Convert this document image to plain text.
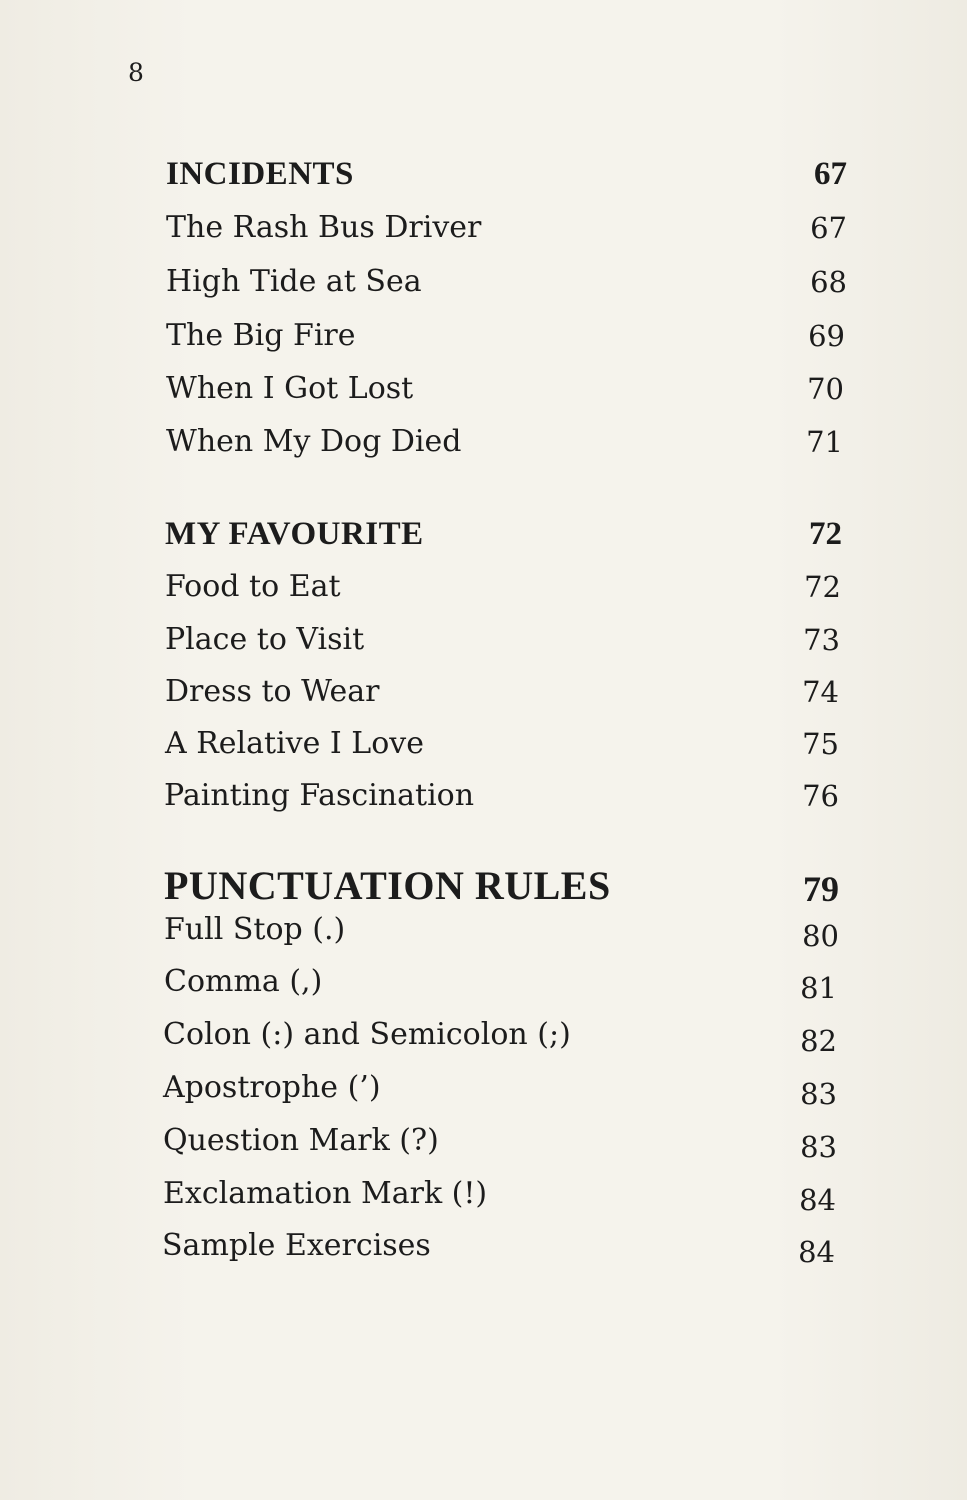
8
INCIDENTS	67
The Rash Bus Driver	67
High Tide at Sea	68
The Big Fire	69
When I Got Lost	70
When My Dog Died	71
MY FAVOURITE	72
Food to Eat	72
Place to Visit	73
Dress to Wear	74
A Relative I Love	75
Painting Fascination	76
PUNCTUATION RULES	79
Full Stop (.)	80
Comma (,)	81
Colon (:) and Semicolon (;)	82
Apostrophe (’)	83
Question Mark (?)	83
Exclamation Mark (!)	84
Sample Exercises	84
